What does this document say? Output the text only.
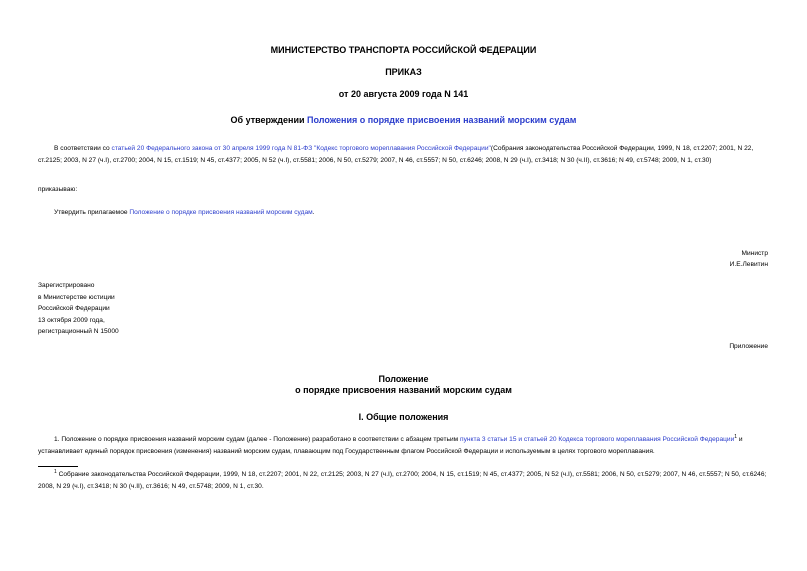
МИНИСТЕРСТВО ТРАНСПОРТА РОССИЙСКОЙ ФЕДЕРАЦИИ
ПРИКАЗ
от 20 августа 2009 года N 141
Об утверждении Положения о порядке присвоения названий морским судам
В соответствии со статьей 20 Федерального закона от 30 апреля 1999 года N 81-ФЗ "Кодекс торгового мореплавания Российской Федерации"(Собрания законодательства Российской Федерации, 1999, N 18, ст.2207; 2001, N 22, ст.2125; 2003, N 27 (ч.I), ст.2700; 2004, N 15, ст.1519; N 45, ст.4377; 2005, N 52 (ч.I), ст.5581; 2006, N 50, ст.5279; 2007, N 46, ст.5557; N 50, ст.6246; 2008, N 29 (ч.I), ст.3418; N 30 (ч.II), ст.3616; N 49, ст.5748; 2009, N 1, ст.30)
приказываю:
Утвердить прилагаемое Положение о порядке присвоения названий морским судам.
Министр
И.Е.Левитин
Зарегистрировано
в Министерстве юстиции
Российской Федерации
13 октября 2009 года,
регистрационный N 15000
Приложение
Положение
о порядке присвоения названий морским судам
I. Общие положения
1. Положение о порядке присвоения названий морским судам (далее - Положение) разработано в соответствии с абзацем третьим пункта 3 статьи 15 и статьей 20 Кодекса торгового мореплавания Российской Федерации$^1$ и устанавливает единый порядок присвоения (изменения) названий морским судам, плавающим под Государственным флагом Российской Федерации и используемым в целях торгового мореплавания.
$^1$ Собрание законодательства Российской Федерации, 1999, N 18, ст.2207; 2001, N 22, ст.2125; 2003, N 27 (ч.I), ст.2700; 2004, N 15, ст.1519; N 45, ст.4377; 2005, N 52 (ч.I), ст.5581; 2006, N 50, ст.5279; 2007, N 46, ст.5557; N 50, ст.6246; 2008, N 29 (ч.I), ст.3418; N 30 (ч.II), ст.3616; N 49, ст.5748; 2009, N 1, ст.30.
